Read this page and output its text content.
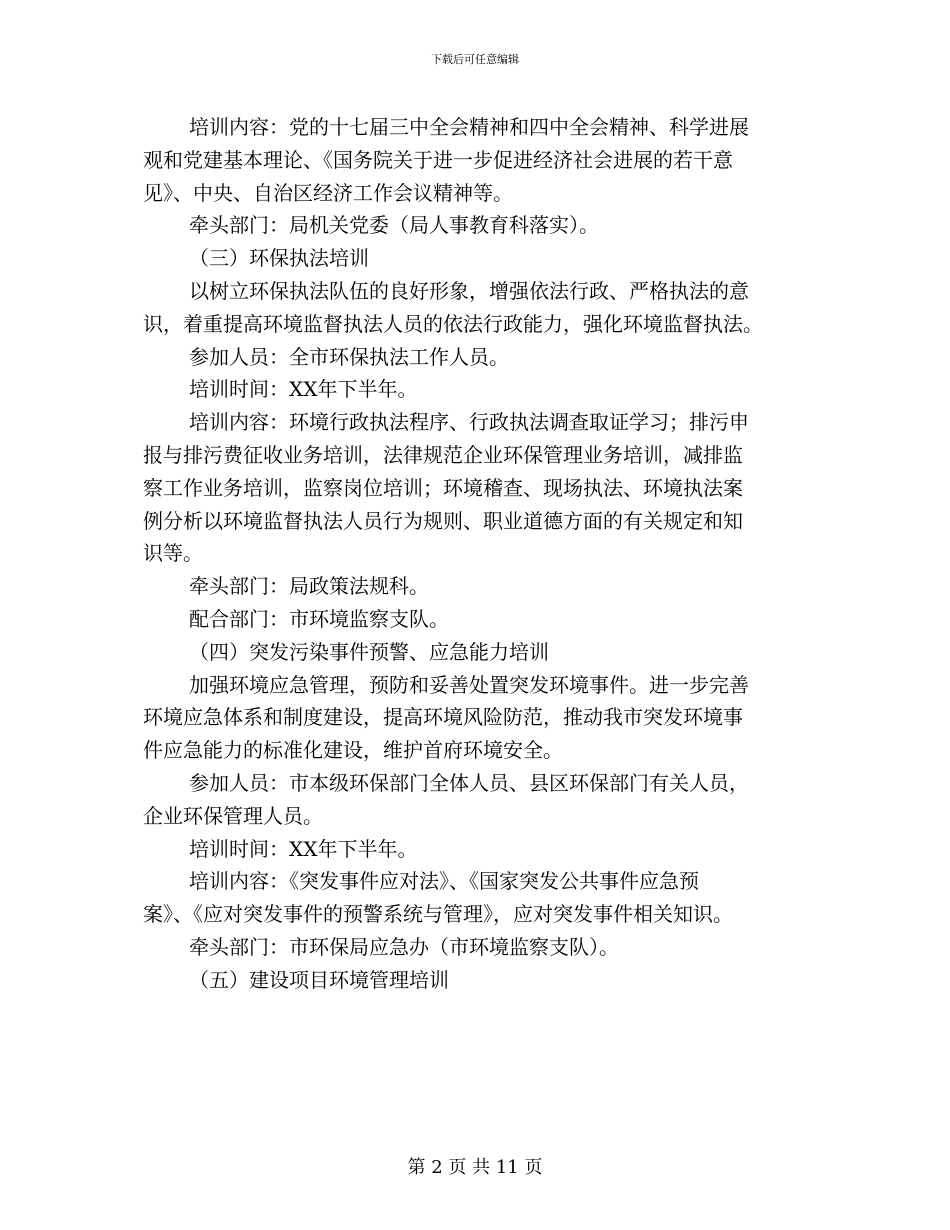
下载后可任意编辑
培训内容：党的十七届三中全会精神和四中全会精神、科学进展
观和党建基本理论、《国务院关于进一步促进经济社会进展的若干意
见》、中央、自治区经济工作会议精神等。
牵头部门：局机关党委（局人事教育科落实）。
（三）环保执法培训
以树立环保执法队伍的良好形象，增强依法行政、严格执法的意
识，着重提高环境监督执法人员的依法行政能力，强化环境监督执法。
参加人员：全市环保执法工作人员。
培训时间：XX年下半年。
培训内容：环境行政执法程序、行政执法调查取证学习；排污申
报与排污费征收业务培训，法律规范企业环保管理业务培训，减排监
察工作业务培训，监察岗位培训；环境稽查、现场执法、环境执法案
例分析以环境监督执法人员行为规则、职业道德方面的有关规定和知
识等。
牵头部门：局政策法规科。
配合部门：市环境监察支队。
（四）突发污染事件预警、应急能力培训
加强环境应急管理，预防和妥善处置突发环境事件。进一步完善
环境应急体系和制度建设，提高环境风险防范，推动我市突发环境事
件应急能力的标准化建设，维护首府环境安全。
参加人员：市本级环保部门全体人员、县区环保部门有关人员，
企业环保管理人员。
培训时间：XX年下半年。
培训内容：《突发事件应对法》、《国家突发公共事件应急预
案》、《应对突发事件的预警系统与管理》，应对突发事件相关知识。
牵头部门：市环保局应急办（市环境监察支队）。
（五）建设项目环境管理培训
第 2 页 共 11 页
